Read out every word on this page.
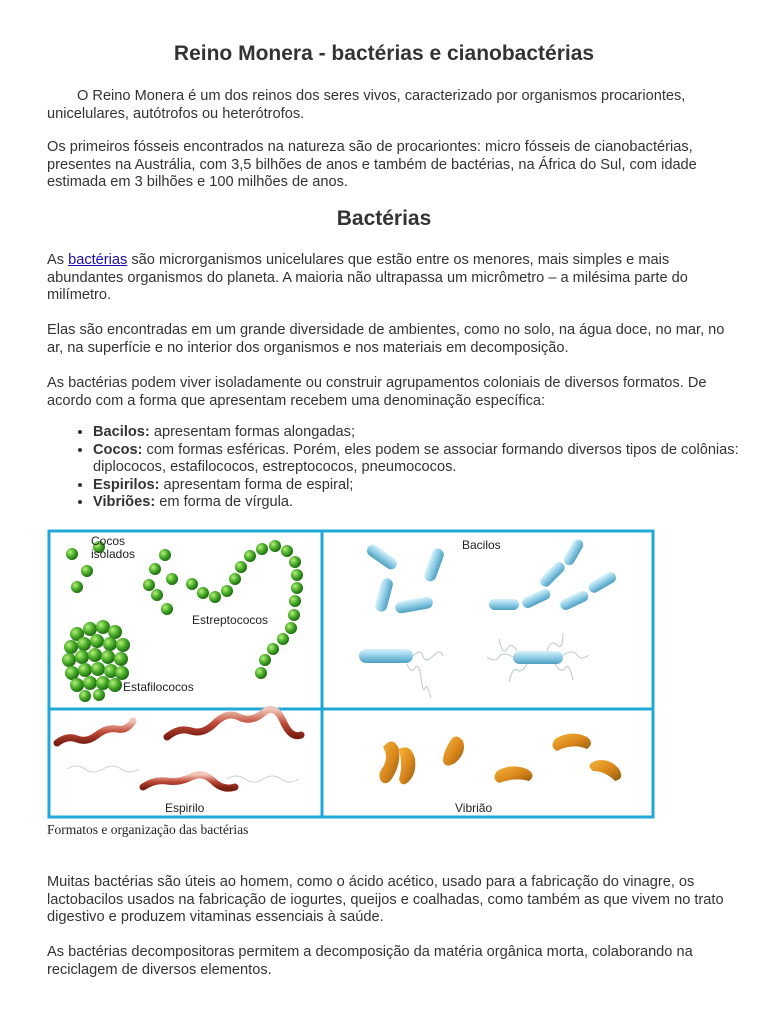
Reino Monera - bactérias e cianobactérias

O Reino Monera é um dos reinos dos seres vivos, caracterizado por organismos procariontes, unicelulares, autótrofos ou heterótrofos.

Os primeiros fósseis encontrados na natureza são de procariontes: micro fósseis de cianobactérias, presentes na Austrália, com 3,5 bilhões de anos e também de bactérias, na África do Sul, com idade estimada em 3 bilhões e 100 milhões de anos.

Bactérias

As bactérias são microrganismos unicelulares que estão entre os menores, mais simples e mais abundantes organismos do planeta. A maioria não ultrapassa um micrômetro – a milésima parte do milímetro.

Elas são encontradas em um grande diversidade de ambientes, como no solo, na água doce, no mar, no ar, na superfície e no interior dos organismos e nos materiais em decomposição.

As bactérias podem viver isoladamente ou construir agrupamentos coloniais de diversos formatos. De acordo com a forma que apresentam recebem uma denominação específica:

• Bacilos: apresentam formas alongadas;
• Cocos: com formas esféricas. Porém, eles podem se associar formando diversos tipos de colônias: diplococos, estafilococos, estreptococos, pneumococos.
• Espirilos: apresentam forma de espiral;
• Vibriões: em forma de vírgula.
Cocos
isolados
Estreptococos
Estafilococos
Bacilos
Espirilo	Vibrião
Formatos e organização das bactérias

Muitas bactérias são úteis ao homem, como o ácido acético, usado para a fabricação do vinagre, os lactobacilos usados na fabricação de iogurtes, queijos e coalhadas, como também as que vivem no trato digestivo e produzem vitaminas essenciais à saúde.

As bactérias decompositoras permitem a decomposição da matéria orgânica morta, colaborando na reciclagem de diversos elementos.
